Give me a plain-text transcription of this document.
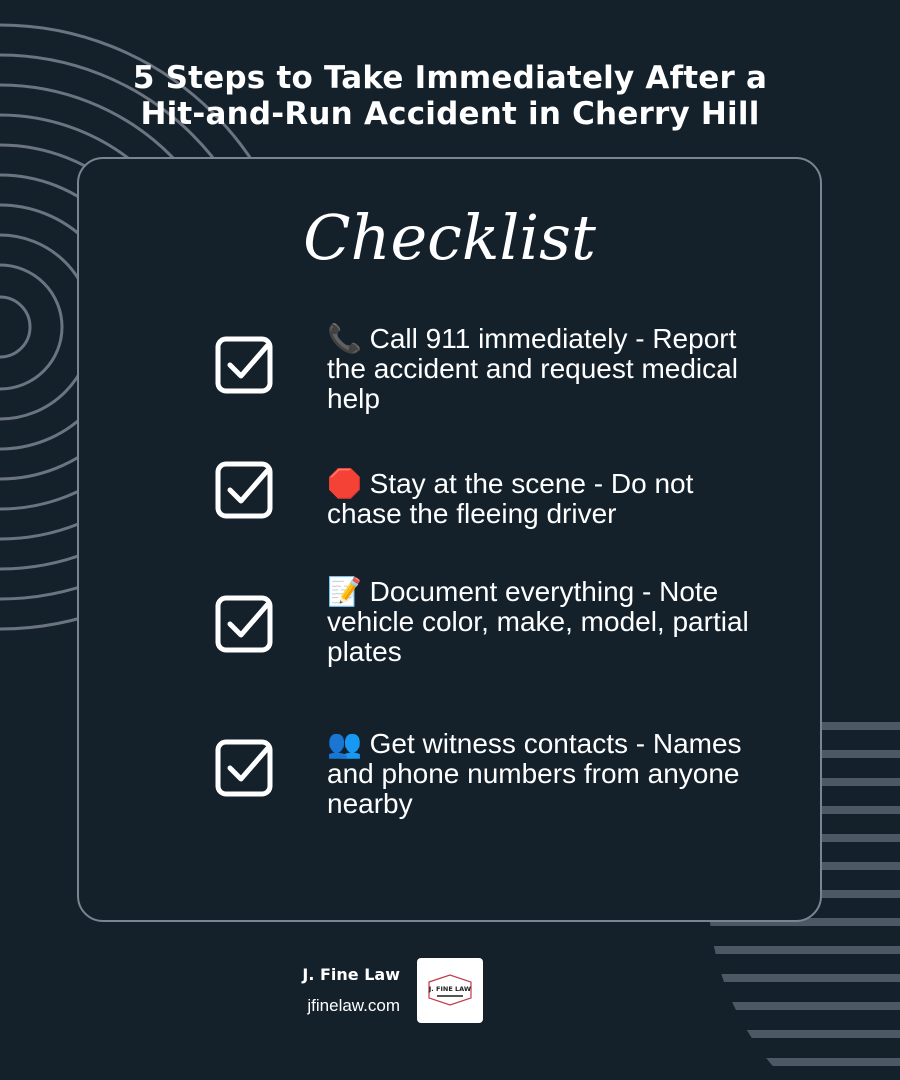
5 Steps to Take Immediately After a
Hit-and-Run Accident in Cherry Hill
Checklist
📞 Call 911 immediately - Report the accident and request medical help
🛑 Stay at the scene - Do not chase the fleeing driver
📝 Document everything - Note vehicle color, make, model, partial plates
👥 Get witness contacts - Names and phone numbers from anyone nearby
J. Fine Law
jfinelaw.com
J. FINE LAW
